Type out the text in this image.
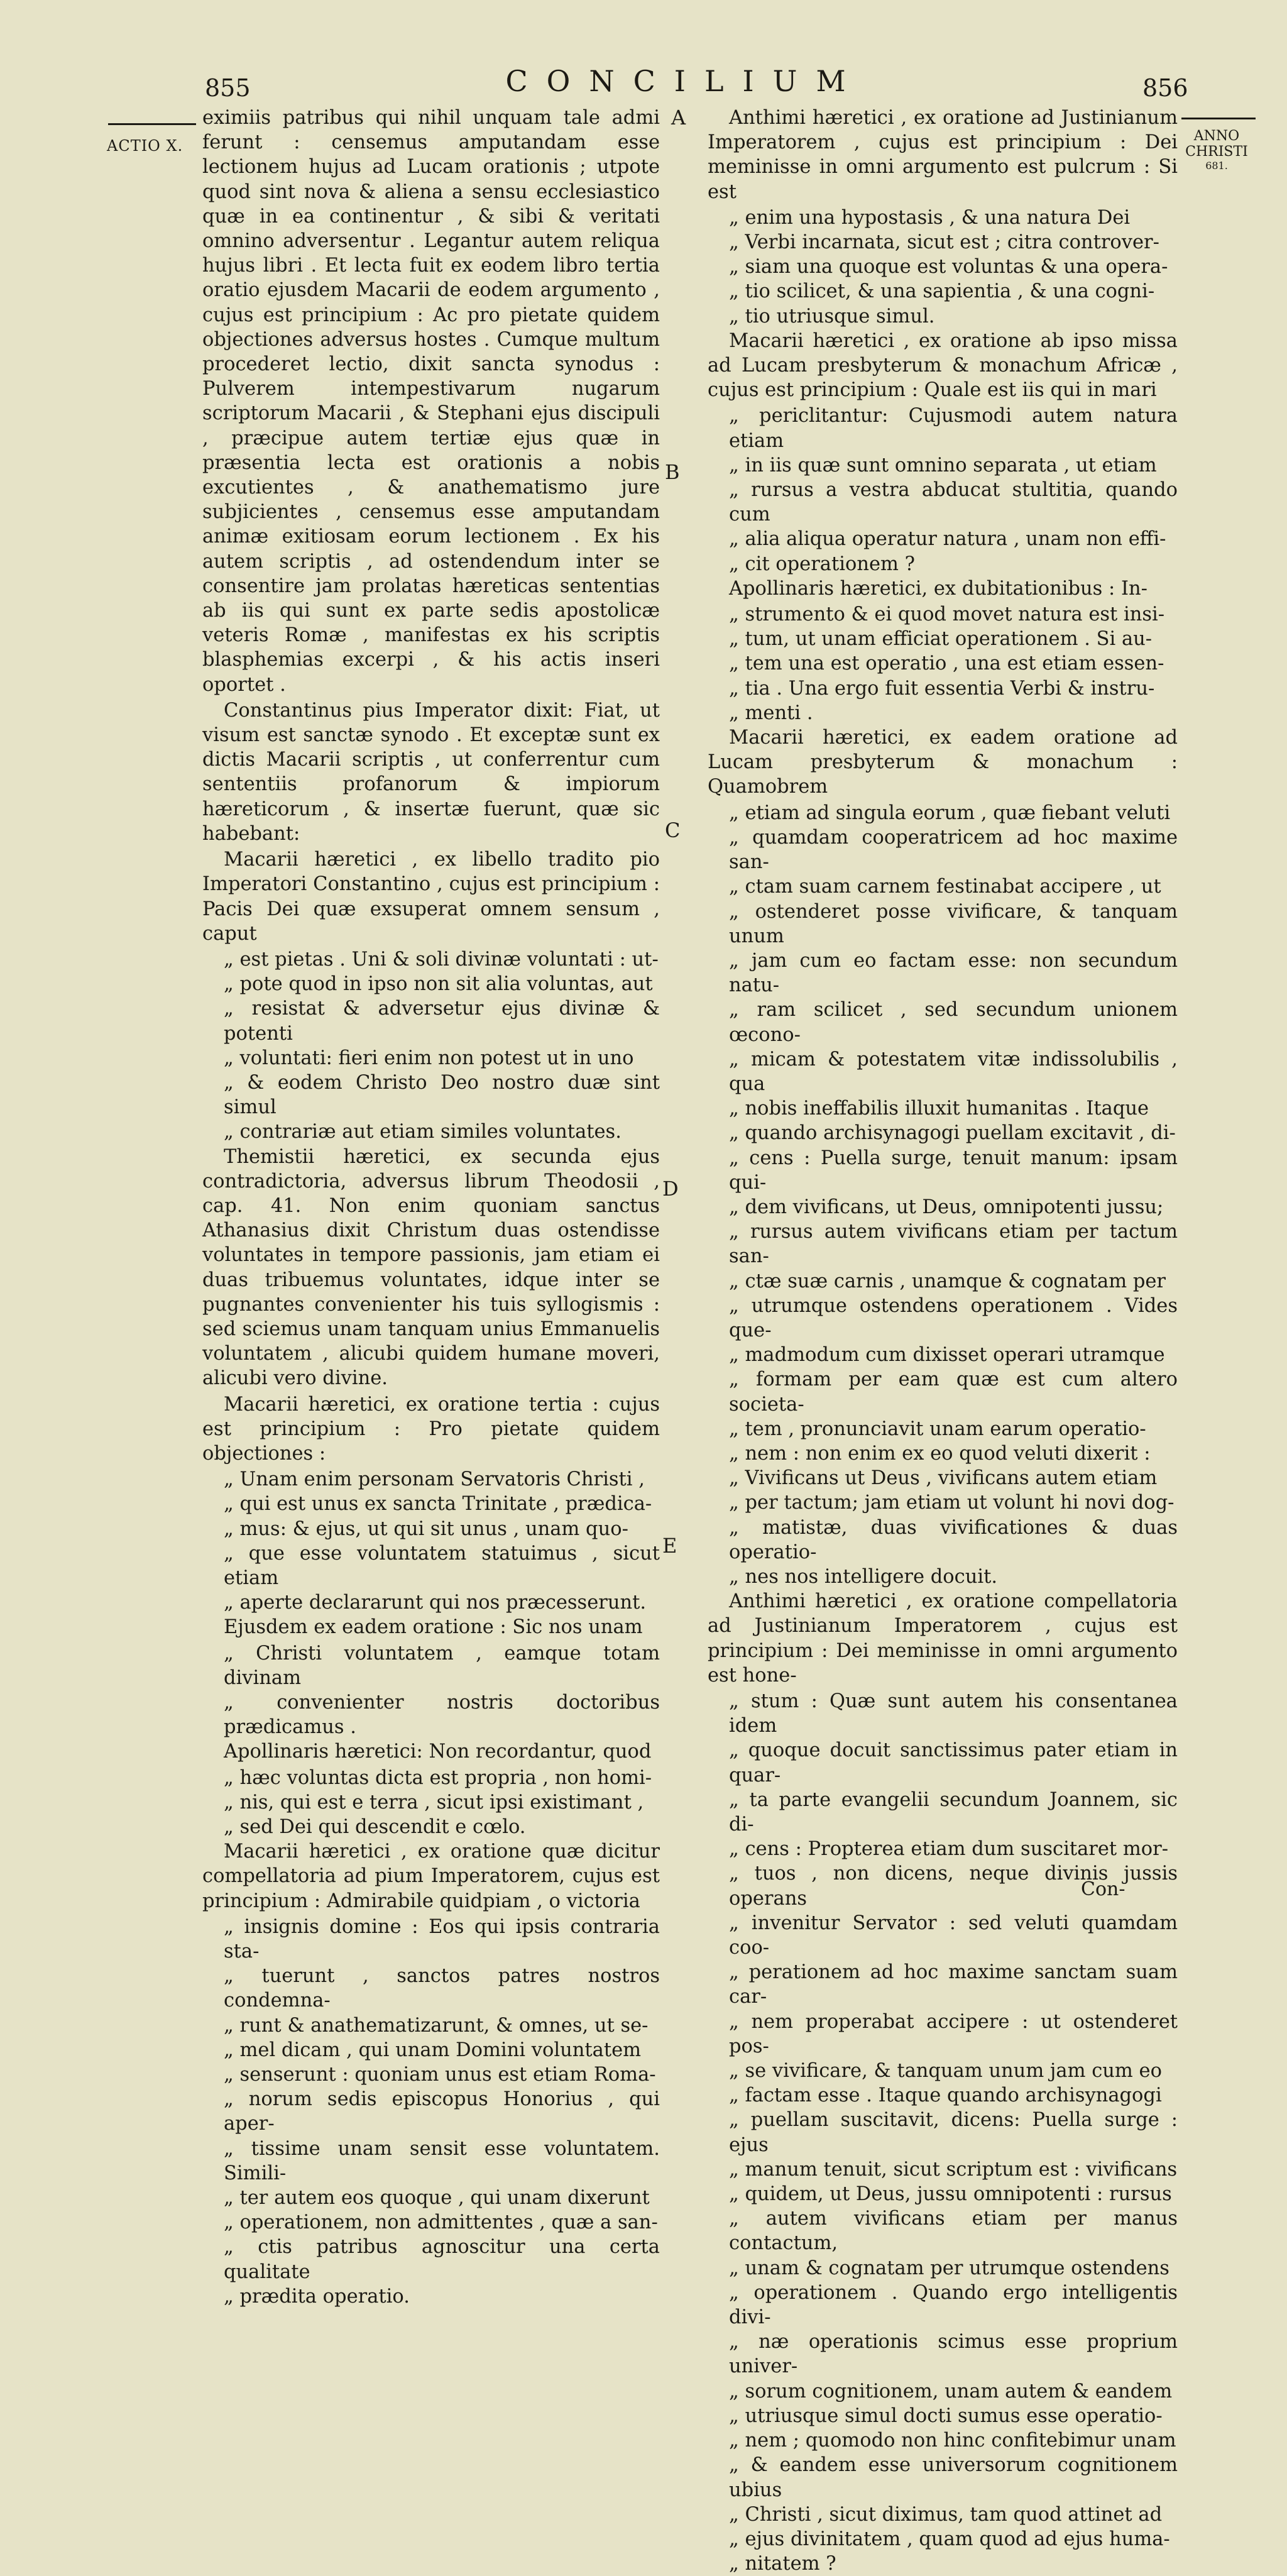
855	CONCILIUM	856
ACTIO X.
ANNO
CHRISTI
681.
A
B
C
D
E

eximiis patribus qui nihil unquam tale admi ferunt : censemus amputandam esse lectionem hujus ad Lucam orationis ; utpote quod sint nova & aliena a sensu ecclesiastico quæ in ea continentur , & sibi & veritati omnino adversentur . Legantur autem reliqua hujus libri . Et lecta fuit ex eodem libro tertia oratio ejusdem Macarii de eodem argumento , cujus est principium : Ac pro pietate quidem objectiones adversus hostes . Cumque multum procederet lectio, dixit sancta synodus : Pulverem intempestivarum nugarum scriptorum Macarii , & Stephani ejus discipuli , præcipue autem tertiæ ejus quæ in præsentia lecta est orationis a nobis excutientes , & anathematismo jure subjicientes , censemus esse amputandam animæ exitiosam eorum lectionem . Ex his autem scriptis , ad ostendendum inter se consentire jam prolatas hæreticas sententias ab iis qui sunt ex parte sedis apostolicæ veteris Romæ , manifestas ex his scriptis blasphemias excerpi , & his actis inseri oportet .

Constantinus pius Imperator dixit: Fiat, ut visum est sanctæ synodo . Et exceptæ sunt ex dictis Macarii scriptis , ut conferrentur cum sententiis profanorum & impiorum hæreticorum , & insertæ fuerunt, quæ sic habebant:

Macarii hæretici , ex libello tradito pio Imperatori Constantino , cujus est principium : Pacis Dei quæ exsuperat omnem sensum , caput

„ est pietas . Uni & soli divinæ voluntati : ut-
„ pote quod in ipso non sit alia voluntas, aut
„ resistat & adversetur ejus divinæ & potenti
„ voluntati: fieri enim non potest ut in uno
„ & eodem Christo Deo nostro duæ sint simul
„ contrariæ aut etiam similes voluntates.

Themistii hæretici, ex secunda ejus contradictoria, adversus librum Theodosii , cap. 41. Non enim quoniam sanctus Athanasius dixit Christum duas ostendisse voluntates in tempore passionis, jam etiam ei duas tribuemus voluntates, idque inter se pugnantes convenienter his tuis syllogismis : sed sciemus unam tanquam unius Emmanuelis voluntatem , alicubi quidem humane moveri, alicubi vero divine.

Macarii hæretici, ex oratione tertia : cujus est principium : Pro pietate quidem objectiones :

„ Unam enim personam Servatoris Christi ,
„ qui est unus ex sancta Trinitate , prædica-
„ mus: & ejus, ut qui sit unus , unam quo-
„ que esse voluntatem statuimus , sicut etiam
„ aperte declararunt qui nos præcesserunt.

Ejusdem ex eadem oratione : Sic nos unam

„ Christi voluntatem , eamque totam divinam
„ convenienter nostris doctoribus prædicamus .

Apollinaris hæretici: Non recordantur, quod

„ hæc voluntas dicta est propria , non homi-
„ nis, qui est e terra , sicut ipsi existimant ,
„ sed Dei qui descendit e cœlo.

Macarii hæretici , ex oratione quæ dicitur compellatoria ad pium Imperatorem, cujus est principium : Admirabile quidpiam , o victoria

„ insignis domine : Eos qui ipsis contraria sta-
„ tuerunt , sanctos patres nostros condemna-
„ runt & anathematizarunt, & omnes, ut se-
„ mel dicam , qui unam Domini voluntatem
„ senserunt : quoniam unus est etiam Roma-
„ norum sedis episcopus Honorius , qui aper-
„ tissime unam sensit esse voluntatem. Simili-
„ ter autem eos quoque , qui unam dixerunt
„ operationem, non admittentes , quæ a san-
„ ctis patribus agnoscitur una certa qualitate
„ prædita operatio.

Anthimi hæretici , ex oratione ad Justinianum Imperatorem , cujus est principium : Dei meminisse in omni argumento est pulcrum : Si est

„ enim una hypostasis , & una natura Dei
„ Verbi incarnata, sicut est ; citra controver-
„ siam una quoque est voluntas & una opera-
„ tio scilicet, & una sapientia , & una cogni-
„ tio utriusque simul.

Macarii hæretici , ex oratione ab ipso missa ad Lucam presbyterum & monachum Africæ , cujus est principium : Quale est iis qui in mari

„ periclitantur: Cujusmodi autem natura etiam
„ in iis quæ sunt omnino separata , ut etiam
„ rursus a vestra abducat stultitia, quando cum
„ alia aliqua operatur natura , unam non effi-
„ cit operationem ?

Apollinaris hæretici, ex dubitationibus : In-

„ strumento & ei quod movet natura est insi-
„ tum, ut unam efficiat operationem . Si au-
„ tem una est operatio , una est etiam essen-
„ tia . Una ergo fuit essentia Verbi & instru-
„ menti .

Macarii hæretici, ex eadem oratione ad Lucam presbyterum & monachum : Quamobrem

„ etiam ad singula eorum , quæ fiebant veluti
„ quamdam cooperatricem ad hoc maxime san-
„ ctam suam carnem festinabat accipere , ut
„ ostenderet posse vivificare, & tanquam unum
„ jam cum eo factam esse: non secundum natu-
„ ram scilicet , sed secundum unionem œcono-
„ micam & potestatem vitæ indissolubilis , qua
„ nobis ineffabilis illuxit humanitas . Itaque
„ quando archisynagogi puellam excitavit , di-
„ cens : Puella surge, tenuit manum: ipsam qui-
„ dem vivificans, ut Deus, omnipotenti jussu;
„ rursus autem vivificans etiam per tactum san-
„ ctæ suæ carnis , unamque & cognatam per
„ utrumque ostendens operationem . Vides que-
„ madmodum cum dixisset operari utramque
„ formam per eam quæ est cum altero societa-
„ tem , pronunciavit unam earum operatio-
„ nem : non enim ex eo quod veluti dixerit :
„ Vivificans ut Deus , vivificans autem etiam
„ per tactum; jam etiam ut volunt hi novi dog-
„ matistæ, duas vivificationes & duas operatio-
„ nes nos intelligere docuit.

Anthimi hæretici , ex oratione compellatoria ad Justinianum Imperatorem , cujus est principium : Dei meminisse in omni argumento est hone-

„ stum : Quæ sunt autem his consentanea idem
„ quoque docuit sanctissimus pater etiam in quar-
„ ta parte evangelii secundum Joannem, sic di-
„ cens : Propterea etiam dum suscitaret mor-
„ tuos , non dicens, neque divinis jussis operans
„ invenitur Servator : sed veluti quamdam coo-
„ perationem ad hoc maxime sanctam suam car-
„ nem properabat accipere : ut ostenderet pos-
„ se vivificare, & tanquam unum jam cum eo
„ factam esse . Itaque quando archisynagogi
„ puellam suscitavit, dicens: Puella surge : ejus
„ manum tenuit, sicut scriptum est : vivificans
„ quidem, ut Deus, jussu omnipotenti : rursus
„ autem vivificans etiam per manus contactum,
„ unam & cognatam per utrumque ostendens
„ operationem . Quando ergo intelligentis divi-
„ næ operationis scimus esse proprium univer-
„ sorum cognitionem, unam autem & eandem
„ utriusque simul docti sumus esse operatio-
„ nem ; quomodo non hinc confitebimur unam
„ & eandem esse universorum cognitionem ubius
„ Christi , sicut diximus, tam quod attinet ad
„ ejus divinitatem , quam quod ad ejus huma-
„ nitatem ?
Con-
